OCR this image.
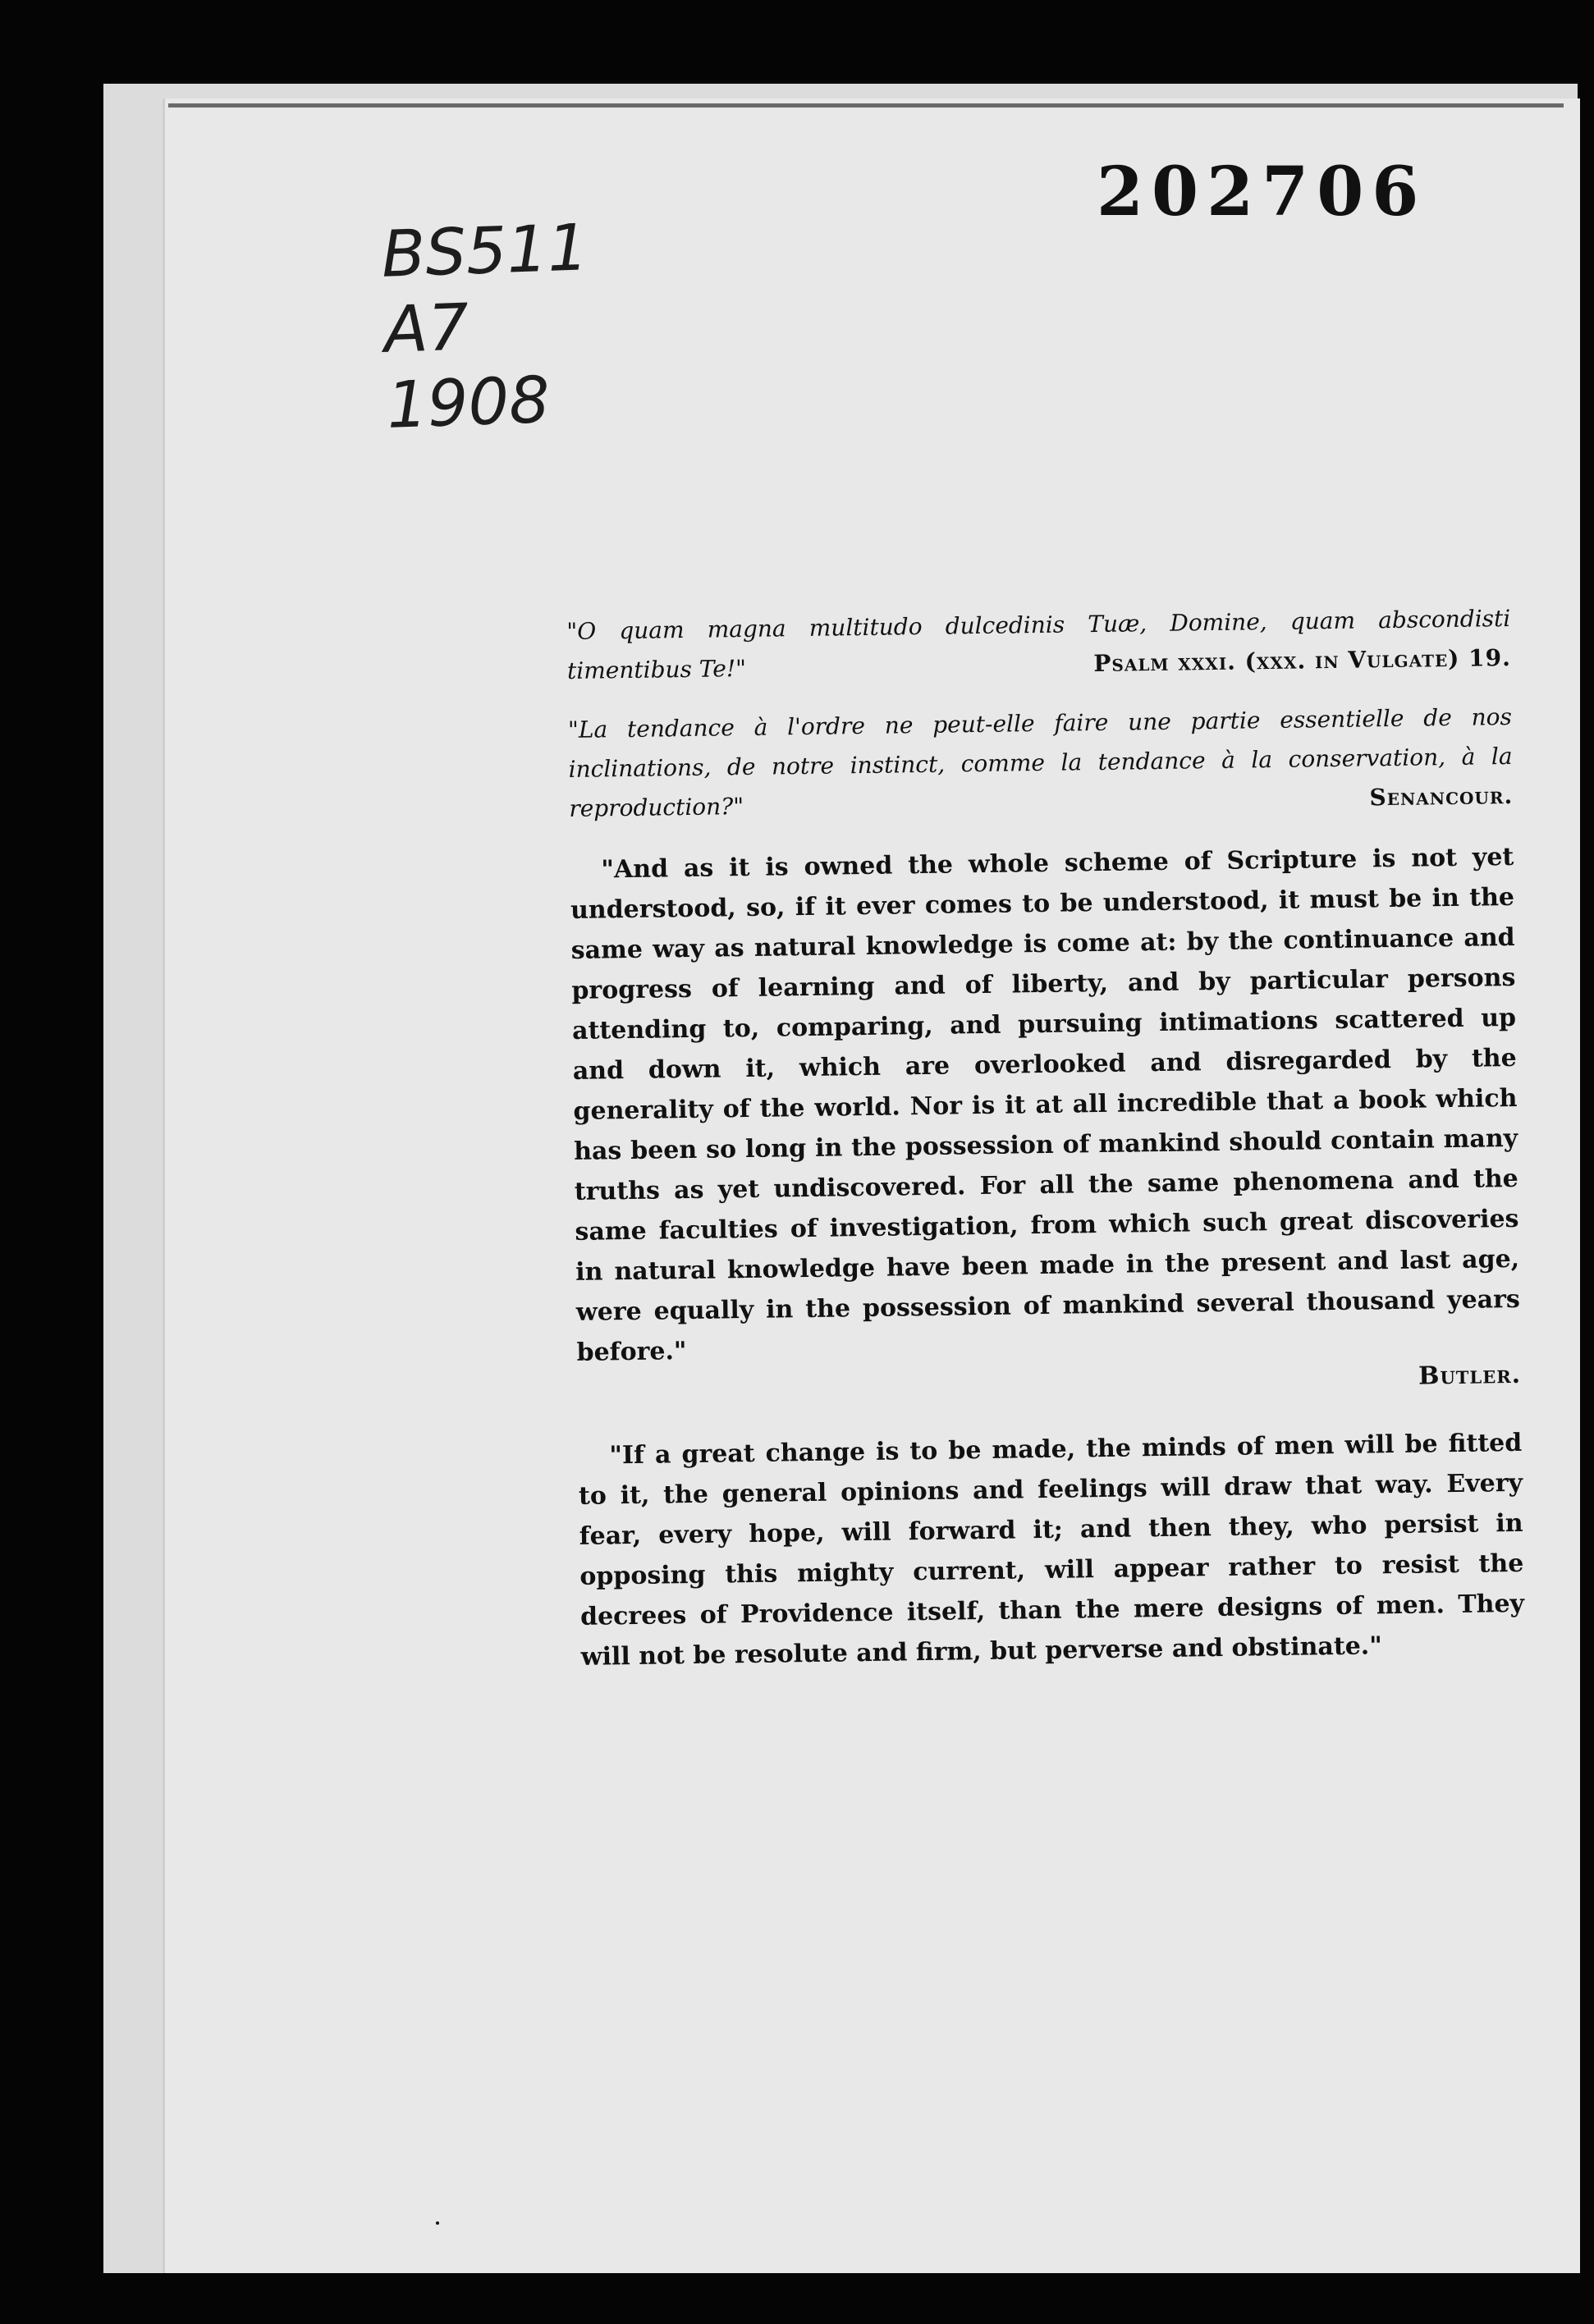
202706
BS511
A7
1908

"O quam magna multitudo dulcedinis Tuæ, Domine, quam abscondisti timentibus Te!"	Psalm xxxi. (xxx. in Vulgate) 19.

"La tendance à l'ordre ne peut-elle faire une partie essentielle de nos inclinations, de notre instinct, comme la tendance à la conservation, à la reproduction?"	Senancour.

"And as it is owned the whole scheme of Scripture is not yet understood, so, if it ever comes to be understood, it must be in the same way as natural knowledge is come at: by the continuance and progress of learning and of liberty, and by particular persons attending to, comparing, and pursuing intimations scattered up and down it, which are overlooked and disregarded by the generality of the world. Nor is it at all incredible that a book which has been so long in the possession of mankind should contain many truths as yet undiscovered. For all the same phenomena and the same faculties of investigation, from which such great discoveries in natural knowledge have been made in the present and last age, were equally in the possession of mankind several thousand years before."
Butler.

"If a great change is to be made, the minds of men will be fitted to it, the general opinions and feelings will draw that way. Every fear, every hope, will forward it; and then they, who persist in opposing this mighty current, will appear rather to resist the decrees of Providence itself, than the mere designs of men. They will not be resolute and firm, but perverse and obstinate."
